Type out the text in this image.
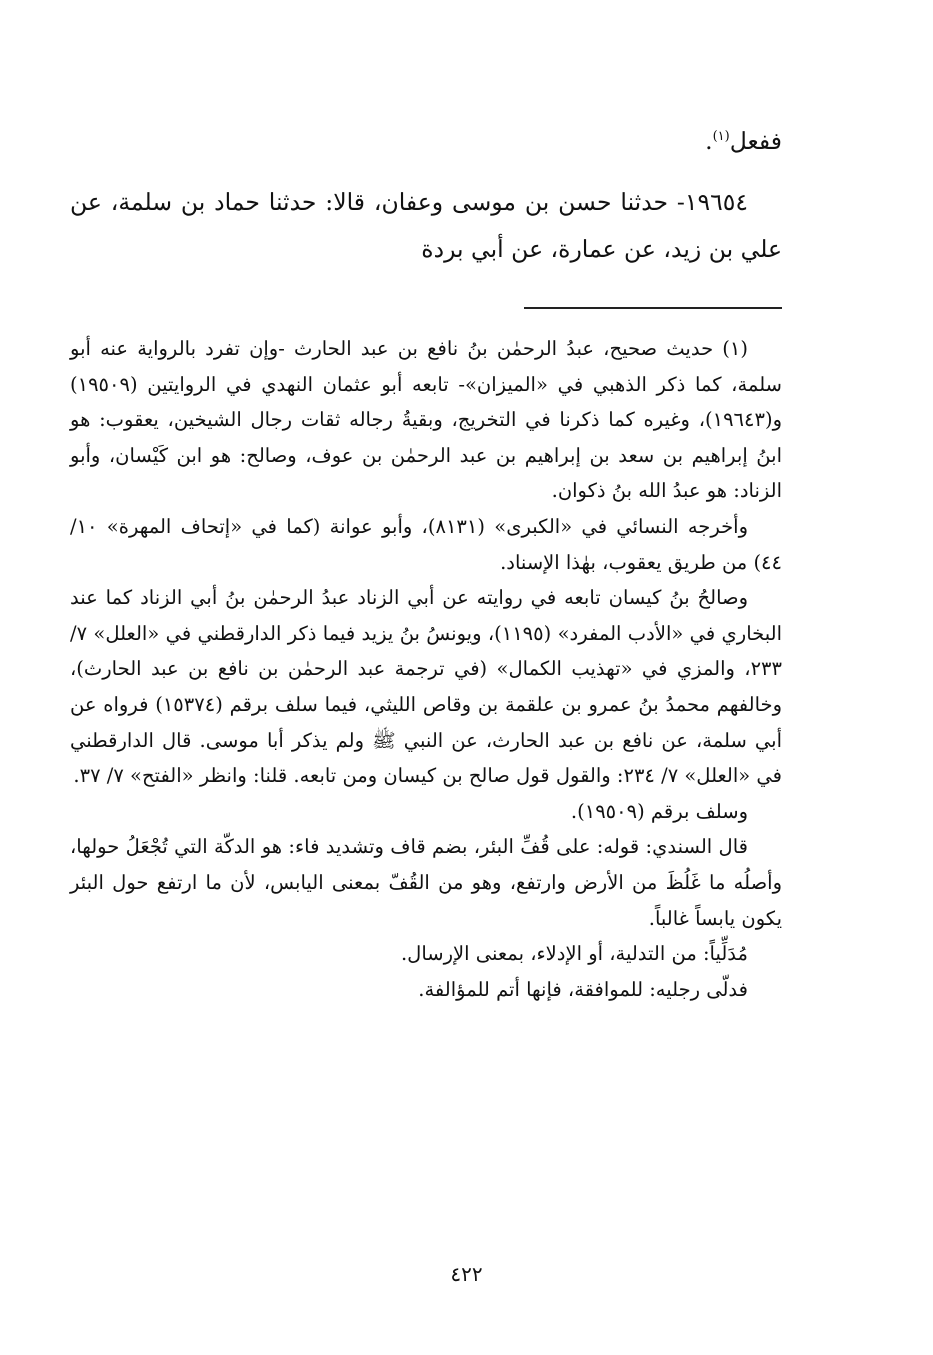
ففعل$^{(١)}$.

١٩٦٥٤- حدثنا حسن بن موسى وعفان، قالا: حدثنا حماد بن سلمة، عن علي بن زيد، عن عمارة، عن أبي بردة

(١) حديث صحيح، عبدُ الرحمٰن بنُ نافع بن عبد الحارث -وإن تفرد بالرواية عنه أبو سلمة، كما ذكر الذهبي في «الميزان»- تابعه أبو عثمان النهدي في الروايتين (١٩٥٠٩) و(١٩٦٤٣)، وغيره كما ذكرنا في التخريج، وبقيةُ رجاله ثقات رجال الشيخين، يعقوب: هو ابنُ إبراهيم بن سعد بن إبراهيم بن عبد الرحمٰن بن عوف، وصالح: هو ابن كَيْسان، وأبو الزناد: هو عبدُ الله بنُ ذكوان.

وأخرجه النسائي في «الكبرى» (٨١٣١)، وأبو عوانة (كما في «إتحاف المهرة» ١٠/ ٤٤) من طريق يعقوب، بهٰذا الإسناد.

وصالحُ بنُ كيسان تابعه في روايته عن أبي الزناد عبدُ الرحمٰن بنُ أبي الزناد كما عند البخاري في «الأدب المفرد» (١١٩٥)، ويونسُ بنُ يزيد فيما ذكر الدارقطني في «العلل» ٧/ ٢٣٣، والمزي في «تهذيب الكمال» (في ترجمة عبد الرحمٰن بن نافع بن عبد الحارث)، وخالفهم محمدُ بنُ عمرو بن علقمة بن وقاص الليثي، فيما سلف برقم (١٥٣٧٤) فرواه عن أبي سلمة، عن نافع بن عبد الحارث، عن النبي ﷺ ولم يذكر أبا موسى. قال الدارقطني في «العلل» ٧/ ٢٣٤: والقول قول صالح بن كيسان ومن تابعه. قلنا: وانظر «الفتح» ٧/ ٣٧.

وسلف برقم (١٩٥٠٩).

قال السندي: قوله: على قُفِّ البئر، بضم قاف وتشديد فاء: هو الدكّة التي تُجْعَلُ حولها، وأصلُه ما غَلُظَ من الأرض وارتفع، وهو من القُفّ بمعنى اليابس، لأن ما ارتفع حول البئر يكون يابساً غالباً.

مُدَلِّياً: من التدلية، أو الإدلاء، بمعنى الإرسال.

فدلّى رجليه: للموافقة، فإنها أتم للمؤالفة.

٤٢٢
